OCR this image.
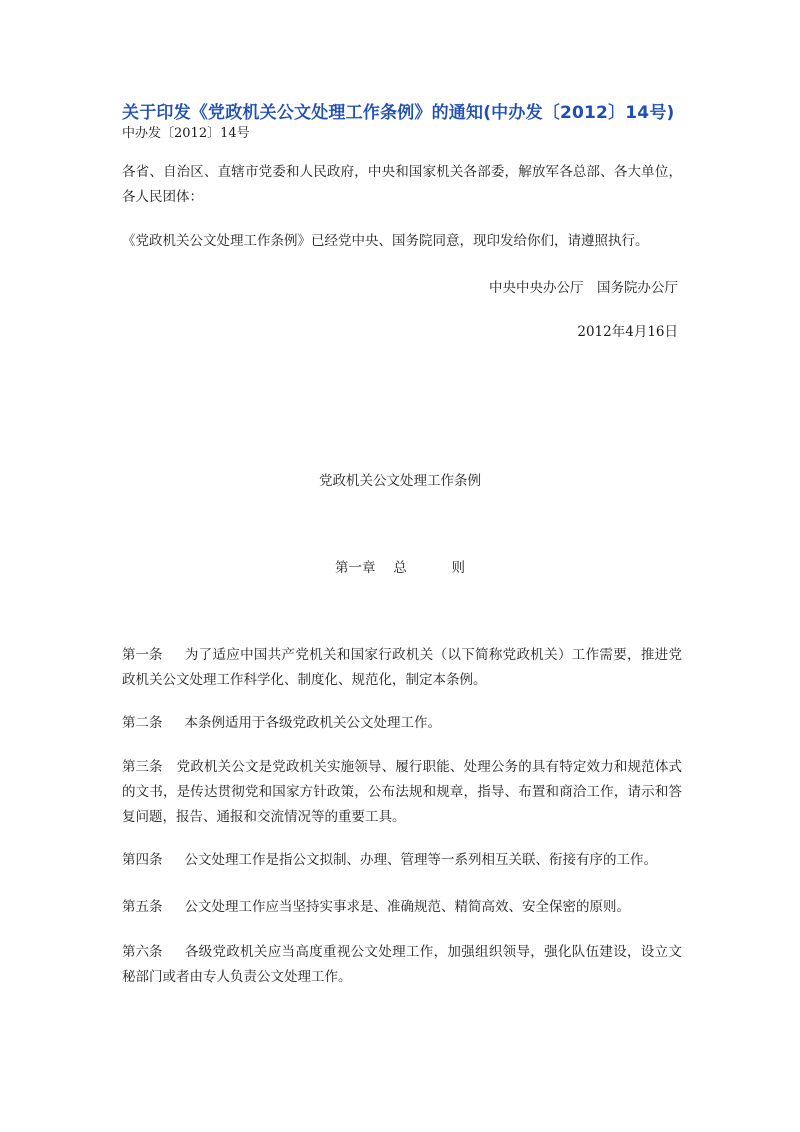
关于印发《党政机关公文处理工作条例》的通知(中办发〔2012〕14号)
中办发〔2012〕14号
各省、自治区、直辖市党委和人民政府，中央和国家机关各部委，解放军各总部、各大单位，各人民团体：
《党政机关公文处理工作条例》已经党中央、国务院同意，现印发给你们，请遵照执行。
中央中央办公厅　国务院办公厅
2012年4月16日
党政机关公文处理工作条例
第一章　 总　　　 则
第一条 为了适应中国共产党机关和国家行政机关（以下简称党政机关）工作需要，推进党政机关公文处理工作科学化、制度化、规范化，制定本条例。
第二条 本条例适用于各级党政机关公文处理工作。
第三条 党政机关公文是党政机关实施领导、履行职能、处理公务的具有特定效力和规范体式的文书，是传达贯彻党和国家方针政策，公布法规和规章，指导、布置和商洽工作，请示和答复问题，报告、通报和交流情况等的重要工具。
第四条 公文处理工作是指公文拟制、办理、管理等一系列相互关联、衔接有序的工作。
第五条 公文处理工作应当坚持实事求是、准确规范、精简高效、安全保密的原则。
第六条 各级党政机关应当高度重视公文处理工作，加强组织领导，强化队伍建设，设立文秘部门或者由专人负责公文处理工作。
